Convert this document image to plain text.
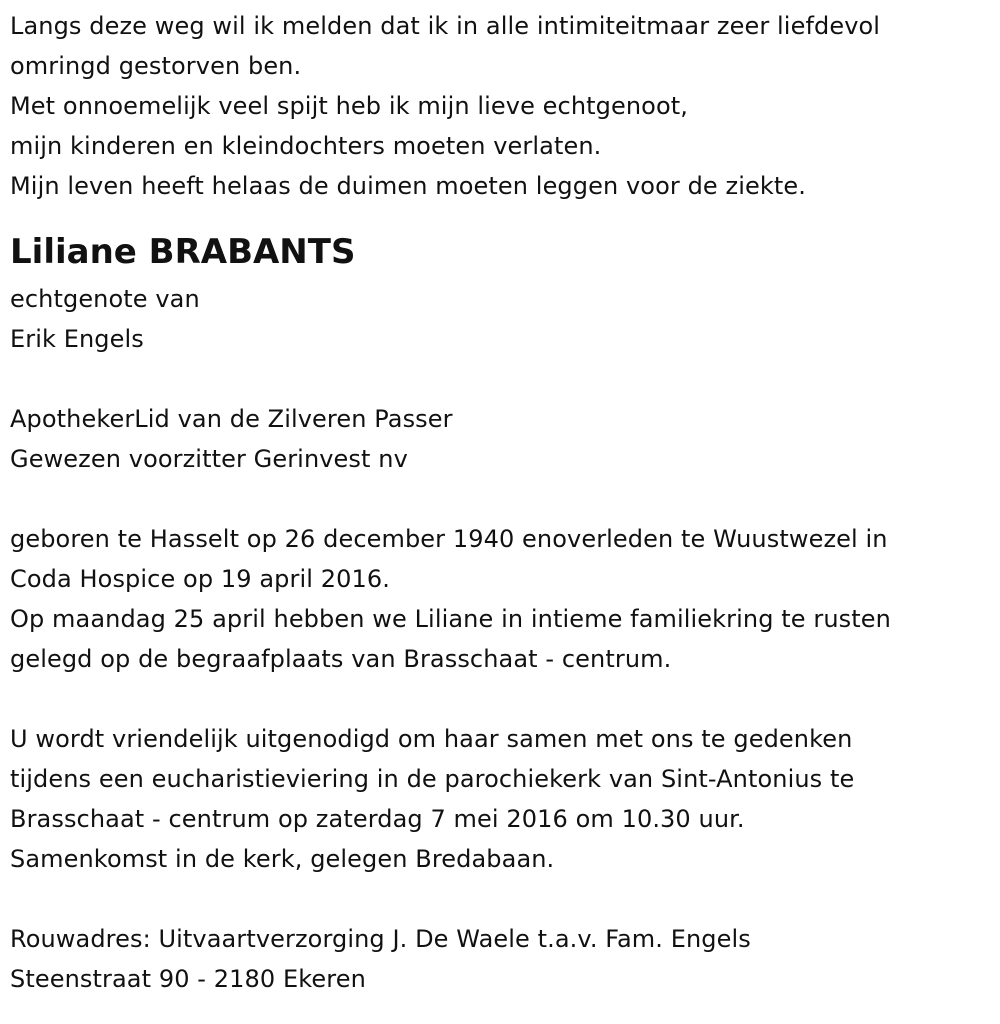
Langs deze weg wil ik melden dat ik in alle intimiteitmaar zeer liefdevol
omringd gestorven ben.
Met onnoemelijk veel spijt heb ik mijn lieve echtgenoot,
mijn kinderen en kleindochters moeten verlaten.
Mijn leven heeft helaas de duimen moeten leggen voor de ziekte.
Liliane BRABANTS
echtgenote van
Erik Engels
ApothekerLid van de Zilveren Passer
Gewezen voorzitter Gerinvest nv
geboren te Hasselt op 26 december 1940 enoverleden te Wuustwezel in
Coda Hospice op 19 april 2016.
Op maandag 25 april hebben we Liliane in intieme familiekring te rusten
gelegd op de begraafplaats van Brasschaat - centrum.
U wordt vriendelijk uitgenodigd om haar samen met ons te gedenken
tijdens een eucharistieviering in de parochiekerk van Sint-Antonius te
Brasschaat - centrum op zaterdag 7 mei 2016 om 10.30 uur.
Samenkomst in de kerk, gelegen Bredabaan.
Rouwadres: Uitvaartverzorging J. De Waele t.a.v. Fam. Engels
Steenstraat 90 - 2180 Ekeren
